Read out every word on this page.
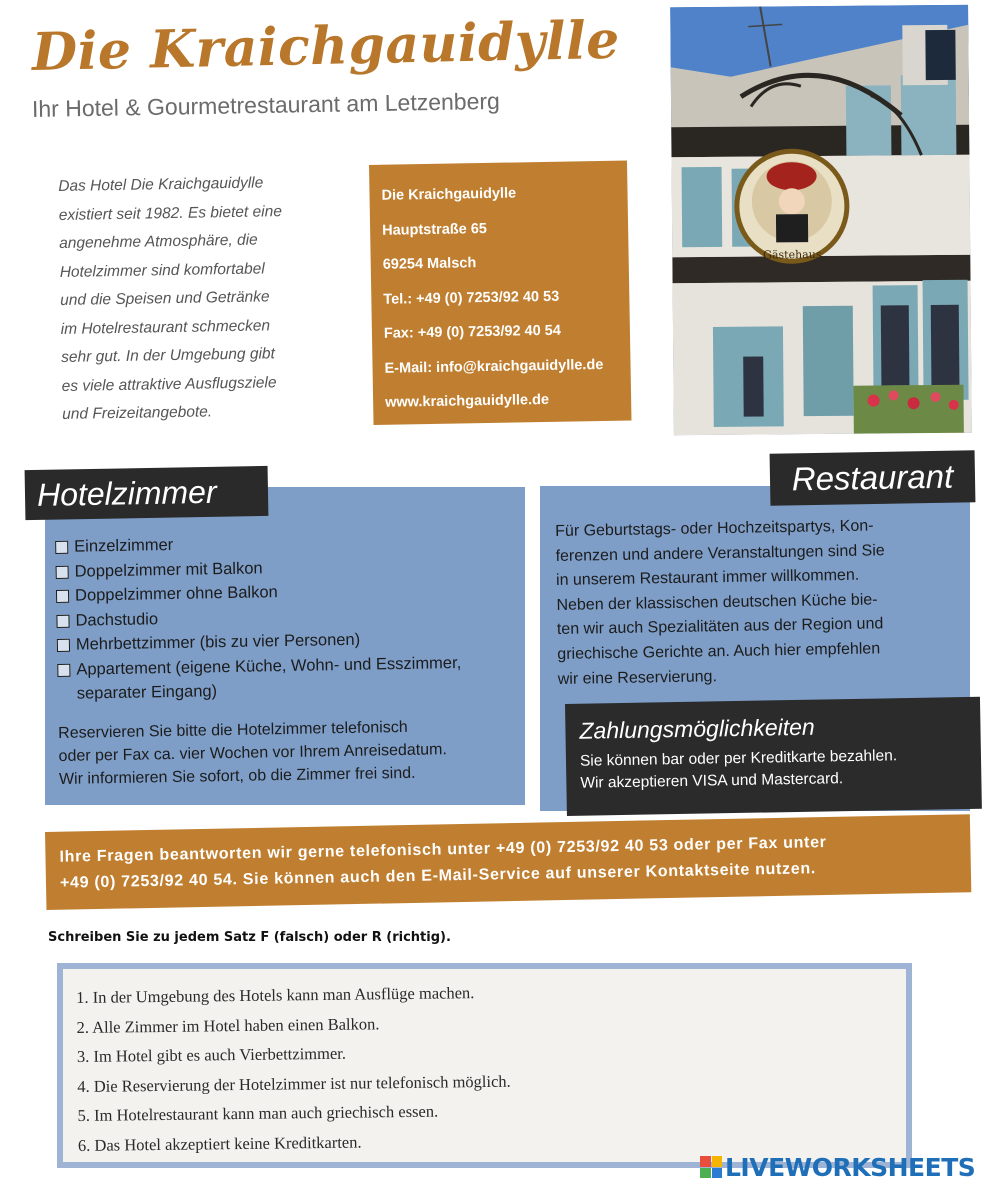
Die Kraichgauidylle
Ihr Hotel & Gourmetrestaurant am Letzenberg
Das Hotel Die Kraichgauidylle
existiert seit 1982. Es bietet eine
angenehme Atmosphäre, die
Hotelzimmer sind komfortabel
und die Speisen und Getränke
im Hotelrestaurant schmecken
sehr gut. In der Umgebung gibt
es viele attraktive Ausflugsziele
und Freizeitangebote.
Die Kraichgauidylle
Hauptstraße 65
69254 Malsch
Tel.: +49 (0) 7253/92 40 53
Fax: +49 (0) 7253/92 40 54
E-Mail: info@kraichgauidylle.de
www.kraichgauidylle.de
Gästehaus
Hotelzimmer
Einzelzimmer
Doppelzimmer mit Balkon
Doppelzimmer ohne Balkon
Dachstudio
Mehrbettzimmer (bis zu vier Personen)
Appartement (eigene Küche, Wohn- und Esszimmer,
separater Eingang)
Reservieren Sie bitte die Hotelzimmer telefonisch
oder per Fax ca. vier Wochen vor Ihrem Anreisedatum.
Wir informieren Sie sofort, ob die Zimmer frei sind.
Restaurant
Für Geburtstags- oder Hochzeitspartys, Kon-
ferenzen und andere Veranstaltungen sind Sie
in unserem Restaurant immer willkommen.
Neben der klassischen deutschen Küche bie-
ten wir auch Spezialitäten aus der Region und
griechische Gerichte an. Auch hier empfehlen
wir eine Reservierung.
Zahlungsmöglichkeiten
Sie können bar oder per Kreditkarte bezahlen.
Wir akzeptieren VISA und Mastercard.
Ihre Fragen beantworten wir gerne telefonisch unter +49 (0) 7253/92 40 53 oder per Fax unter
+49 (0) 7253/92 40 54. Sie können auch den E-Mail-Service auf unserer Kontaktseite nutzen.
Schreiben Sie zu jedem Satz F (falsch) oder R (richtig).
1. In der Umgebung des Hotels kann man Ausflüge machen.
2. Alle Zimmer im Hotel haben einen Balkon.
3. Im Hotel gibt es auch Vierbettzimmer.
4. Die Reservierung der Hotelzimmer ist nur telefonisch möglich.
5. Im Hotelrestaurant kann man auch griechisch essen.
6. Das Hotel akzeptiert keine Kreditkarten.
LIVEWORKSHEETS
